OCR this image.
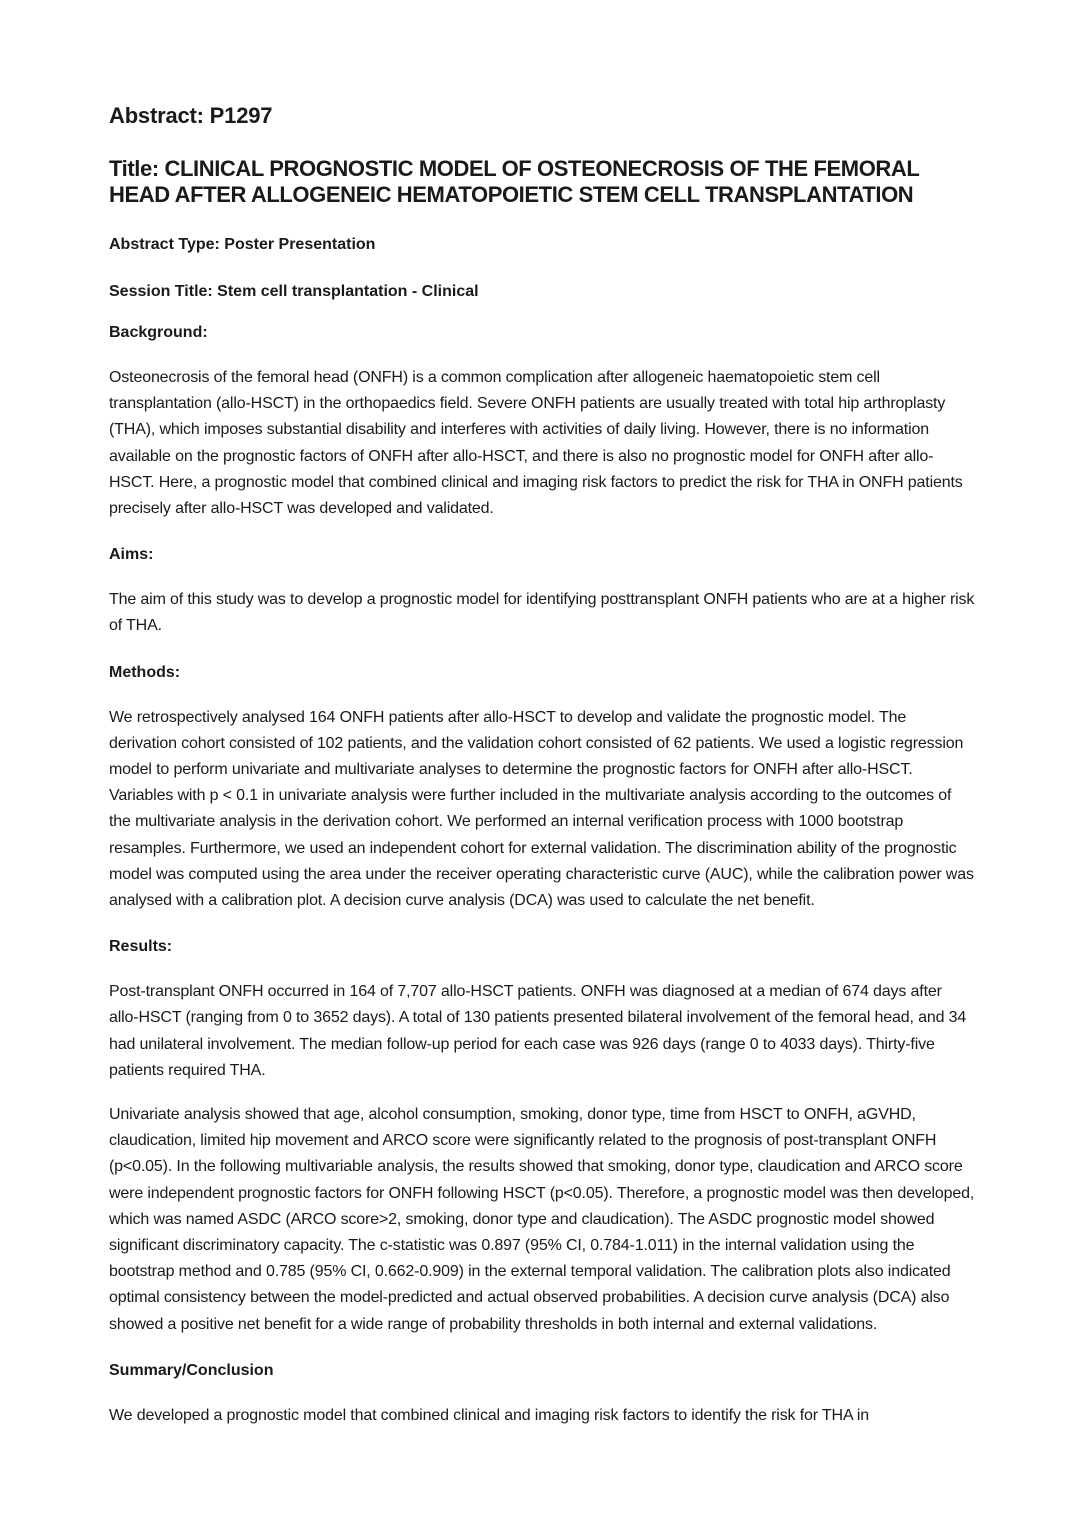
Abstract: P1297
Title: CLINICAL PROGNOSTIC MODEL OF OSTEONECROSIS OF THE FEMORAL HEAD AFTER ALLOGENEIC HEMATOPOIETIC STEM CELL TRANSPLANTATION

Abstract Type: Poster Presentation

Session Title: Stem cell transplantation - Clinical

Background:

Osteonecrosis of the femoral head (ONFH) is a common complication after allogeneic haematopoietic stem cell transplantation (allo-HSCT) in the orthopaedics field. Severe ONFH patients are usually treated with total hip arthroplasty (THA), which imposes substantial disability and interferes with activities of daily living. However, there is no information available on the prognostic factors of ONFH after allo-HSCT, and there is also no prognostic model for ONFH after allo-HSCT. Here, a prognostic model that combined clinical and imaging risk factors to predict the risk for THA in ONFH patients precisely after allo-HSCT was developed and validated.

Aims:

The aim of this study was to develop a prognostic model for identifying posttransplant ONFH patients who are at a higher risk of THA.

Methods:

We retrospectively analysed 164 ONFH patients after allo-HSCT to develop and validate the prognostic model. The derivation cohort consisted of 102 patients, and the validation cohort consisted of 62 patients. We used a logistic regression model to perform univariate and multivariate analyses to determine the prognostic factors for ONFH after allo-HSCT. Variables with p < 0.1 in univariate analysis were further included in the multivariate analysis according to the outcomes of the multivariate analysis in the derivation cohort. We performed an internal verification process with 1000 bootstrap resamples. Furthermore, we used an independent cohort for external validation. The discrimination ability of the prognostic model was computed using the area under the receiver operating characteristic curve (AUC), while the calibration power was analysed with a calibration plot. A decision curve analysis (DCA) was used to calculate the net benefit.

Results:

Post-transplant ONFH occurred in 164 of 7,707 allo-HSCT patients. ONFH was diagnosed at a median of 674 days after allo-HSCT (ranging from 0 to 3652 days). A total of 130 patients presented bilateral involvement of the femoral head, and 34 had unilateral involvement. The median follow-up period for each case was 926 days (range 0 to 4033 days). Thirty-five patients required THA.

Univariate analysis showed that age, alcohol consumption, smoking, donor type, time from HSCT to ONFH, aGVHD, claudication, limited hip movement and ARCO score were significantly related to the prognosis of post-transplant ONFH (p<0.05). In the following multivariable analysis, the results showed that smoking, donor type, claudication and ARCO score were independent prognostic factors for ONFH following HSCT (p<0.05). Therefore, a prognostic model was then developed, which was named ASDC (ARCO score>2, smoking, donor type and claudication). The ASDC prognostic model showed significant discriminatory capacity. The c-statistic was 0.897 (95% CI, 0.784-1.011) in the internal validation using the bootstrap method and 0.785 (95% CI, 0.662-0.909) in the external temporal validation. The calibration plots also indicated optimal consistency between the model-predicted and actual observed probabilities. A decision curve analysis (DCA) also showed a positive net benefit for a wide range of probability thresholds in both internal and external validations.

Summary/Conclusion

We developed a prognostic model that combined clinical and imaging risk factors to identify the risk for THA in
